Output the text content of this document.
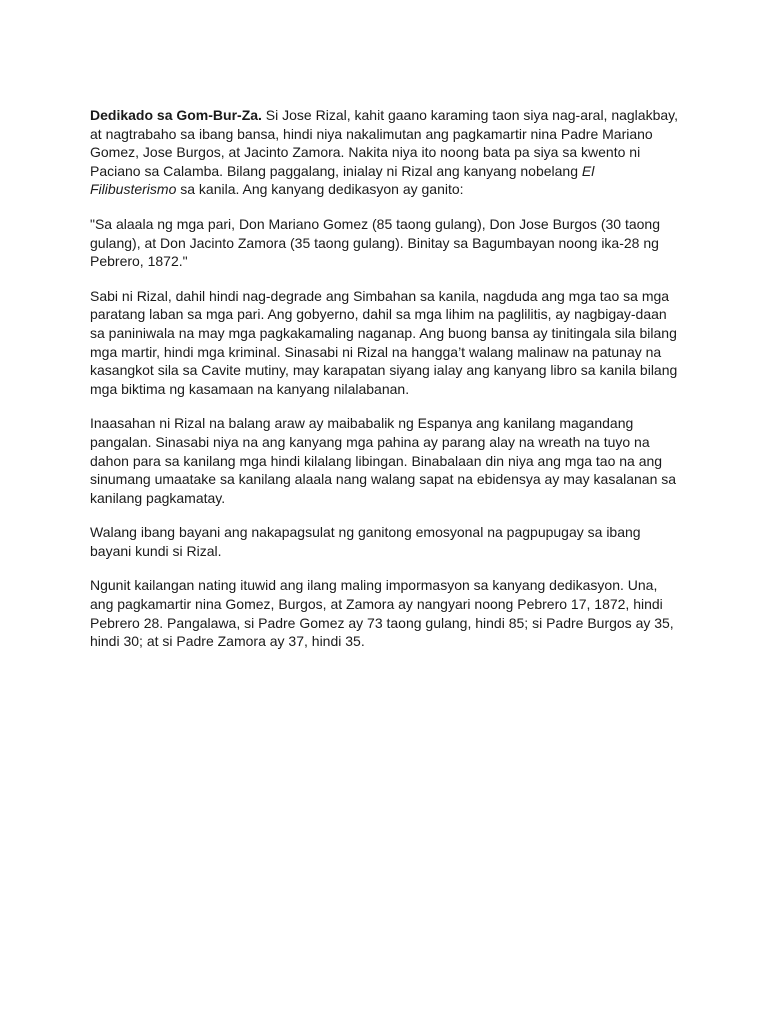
Dedikado sa Gom-Bur-Za. Si Jose Rizal, kahit gaano karaming taon siya nag-aral, naglakbay, at nagtrabaho sa ibang bansa, hindi niya nakalimutan ang pagkamartir nina Padre Mariano Gomez, Jose Burgos, at Jacinto Zamora. Nakita niya ito noong bata pa siya sa kwento ni Paciano sa Calamba. Bilang paggalang, inialay ni Rizal ang kanyang nobelang El Filibusterismo sa kanila. Ang kanyang dedikasyon ay ganito:

"Sa alaala ng mga pari, Don Mariano Gomez (85 taong gulang), Don Jose Burgos (30 taong gulang), at Don Jacinto Zamora (35 taong gulang). Binitay sa Bagumbayan noong ika-28 ng Pebrero, 1872."

Sabi ni Rizal, dahil hindi nag-degrade ang Simbahan sa kanila, nagduda ang mga tao sa mga paratang laban sa mga pari. Ang gobyerno, dahil sa mga lihim na paglilitis, ay nagbigay-daan sa paniniwala na may mga pagkakamaling naganap. Ang buong bansa ay tinitingala sila bilang mga martir, hindi mga kriminal. Sinasabi ni Rizal na hangga’t walang malinaw na patunay na kasangkot sila sa Cavite mutiny, may karapatan siyang ialay ang kanyang libro sa kanila bilang mga biktima ng kasamaan na kanyang nilalabanan.

Inaasahan ni Rizal na balang araw ay maibabalik ng Espanya ang kanilang magandang pangalan. Sinasabi niya na ang kanyang mga pahina ay parang alay na wreath na tuyo na dahon para sa kanilang mga hindi kilalang libingan. Binabalaan din niya ang mga tao na ang sinumang umaatake sa kanilang alaala nang walang sapat na ebidensya ay may kasalanan sa kanilang pagkamatay.

Walang ibang bayani ang nakapagsulat ng ganitong emosyonal na pagpupugay sa ibang bayani kundi si Rizal.

Ngunit kailangan nating ituwid ang ilang maling impormasyon sa kanyang dedikasyon. Una, ang pagkamartir nina Gomez, Burgos, at Zamora ay nangyari noong Pebrero 17, 1872, hindi Pebrero 28. Pangalawa, si Padre Gomez ay 73 taong gulang, hindi 85; si Padre Burgos ay 35, hindi 30; at si Padre Zamora ay 37, hindi 35.
